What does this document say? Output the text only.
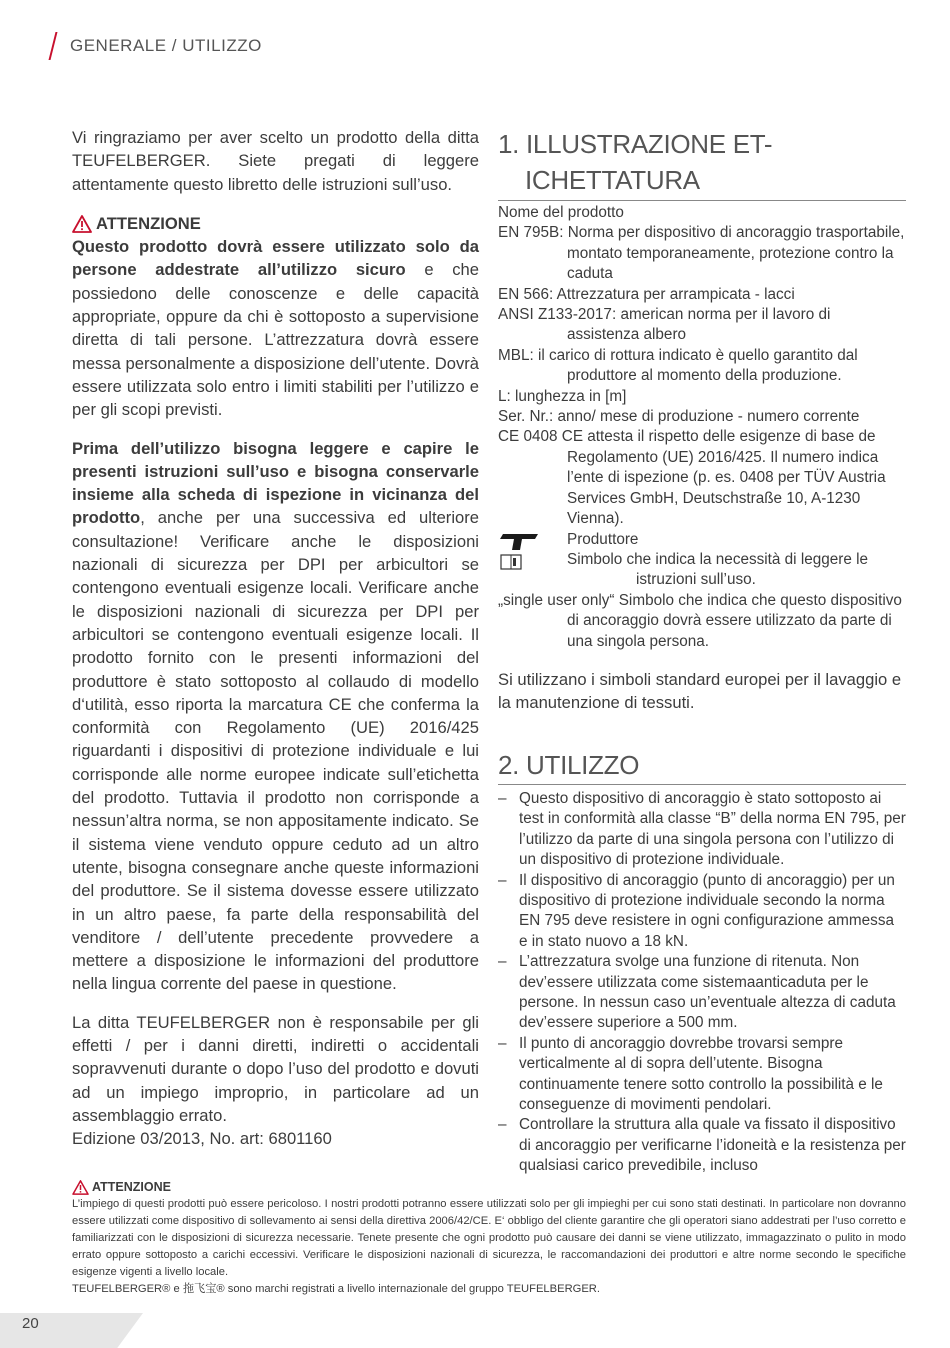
GENERALE / UTILIZZO

Vi ringraziamo per aver scelto un prodotto della ditta TEUFELBERGER. Siete pregati di leggere attentamente questo libretto delle istruzioni sull’uso.

ATTENZIONE

Questo prodotto dovrà essere utilizzato solo da persone addestrate all’utilizzo sicuro e che possiedono delle conoscenze e delle capacità appropriate, oppure da chi è sottoposto a supervisione diretta di tali persone. L’attrezzatura dovrà essere messa personalmente a disposizione dell’utente. Dovrà essere utilizzata solo entro i limiti stabiliti per l’utilizzo e per gli scopi previsti.

Prima dell’utilizzo bisogna leggere e capire le presenti istruzioni sull’uso e bisogna conservarle insieme alla scheda di ispezione in vicinanza del prodotto, anche per una successiva ed ulteriore consultazione! Verificare anche le disposizioni nazionali di sicurezza per DPI per arbicultori se contengono eventuali esigenze locali. Verificare anche le disposizioni nazionali di sicurezza per DPI per arbicultori se contengono eventuali esigenze locali. Il prodotto fornito con le presenti informazioni del produttore è stato sottoposto al collaudo di modello d‘utilità, esso riporta la marcatura CE che conferma la conformità con Regolamento (UE) 2016/425 riguardanti i dispositivi di protezione individuale e lui corrisponde alle norme europee indicate sull’etichetta del prodotto. Tuttavia il prodotto non corrisponde a nessun’altra norma, se non appositamente indicato. Se il sistema viene venduto oppure ceduto ad un altro utente, bisogna consegnare anche queste informazioni del produttore. Se il sistema dovesse essere utilizzato in un altro paese, fa parte della responsabilità del venditore / dell’utente precedente provvedere a mettere a disposizione le informazioni del produttore nella lingua corrente del paese in questione.

La ditta TEUFELBERGER non è responsabile per gli effetti / per i danni diretti, indiretti o accidentali sopravvenuti durante o dopo l’uso del prodotto e dovuti ad un impiego improprio, in particolare ad un assemblaggio errato.

Edizione 03/2013, No. art: 6801160

1. ILLUSTRAZIONE ET-
ICHETTATURA
Nome del prodotto
EN 795B: Norma per dispositivo di ancoraggio trasportabile, montato temporaneamente, protezione contro la caduta
EN 566: Attrezzatura per arrampicata - lacci
ANSI Z133-2017: american norma per il lavoro di assistenza albero
MBL: il carico di rottura indicato è quello garantito dal produttore al momento della produzione.
L: lunghezza in [m]
Ser. Nr.: anno/ mese di produzione - numero corrente
CE 0408 CE attesta il rispetto delle esigenze di base de Regolamento (UE) 2016/425. Il numero indica l’ente di ispezione (p. es. 0408 per TÜV Austria Services GmbH, Deutschstraße 10, A-1230 Vienna).
Produttore
Simbolo che indica la necessità di leggere le istruzioni sull’uso.
„single user only“ Simbolo che indica che questo dispositivo di ancoraggio dovrà essere utilizzato da parte di una singola persona.

Si utilizzano i simboli standard europei per il lavaggio e la manutenzione di tessuti.

2. UTILIZZO
– Questo dispositivo di ancoraggio è stato sottoposto ai test in conformità alla classe “B” della norma EN 795, per l’utilizzo da parte di una singola persona con l’utilizzo di un dispositivo di protezione individuale.
– Il dispositivo di ancoraggio (punto di ancoraggio) per un dispositivo di protezione individuale secondo la norma EN 795 deve resistere in ogni configurazione ammessa e in stato nuovo a 18 kN.
– L’attrezzatura svolge una funzione di ritenuta. Non dev’essere utilizzata come sistemaanticaduta per le persone. In nessun caso un’eventuale altezza di caduta dev’essere superiore a 500 mm.
– Il punto di ancoraggio dovrebbe trovarsi sempre verticalmente al di sopra dell’utente. Bisogna continuamente tenere sotto controllo la possibilità e le conseguenze di movimenti pendolari.
– Controllare la struttura alla quale va fissato il dispositivo di ancoraggio per verificarne l’idoneità e la resistenza per qualsiasi carico prevedibile, incluso
ATTENZIONE

L’impiego di questi prodotti può essere pericoloso. I nostri prodotti potranno essere utilizzati solo per gli impieghi per cui sono stati destinati. In particolare non dovranno essere utilizzati come dispositivo di sollevamento ai sensi della direttiva 2006/42/CE. E‘ obbligo del cliente garantire che gli operatori siano addestrati per l’uso corretto e familiarizzati con le disposizioni di sicurezza necessarie. Tenete presente che ogni prodotto può causare dei danni se viene utilizzato, immagazzinato o pulito in modo errato oppure sottoposto a carichi eccessivi. Verificare le disposizioni nazionali di sicurezza, le raccomandazioni dei produttori e altre norme secondo le specifiche esigenze vigenti a livello locale.

TEUFELBERGER® e 拖飞宝® sono marchi registrati a livello internazionale del gruppo TEUFELBERGER.

20
